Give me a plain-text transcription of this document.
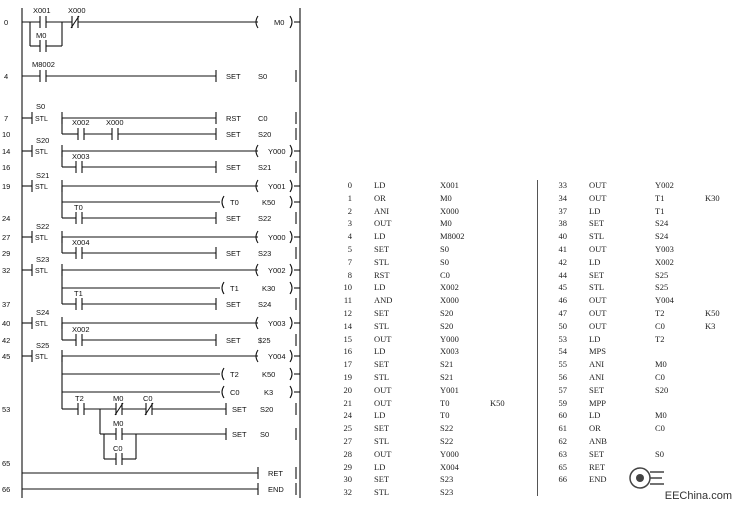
0
4
7
10
14
16
19
24
27
29
32
37
40
42
45
53
65
66
X001 X000
M0
M8002
S0
X002 X000
S20
X003
S21
T0
S22
X004
S23
T1
S24
X002
S25
T2	M0	C0
M0
C0
STL
STL
STL
STL
STL
STL
STL
M0
SET S0
RST C0
SET S20
Y000
SET S21
Y001
T0	K50
SET S22
Y000
SET S23
Y002
T1	K30
SET S24
Y003
SET $25
Y004
T2	K50
C0	K3
SET S20
SET S0
RET
END
0	LD	X001
1	OR	M0
2	ANI	X000
3	OUT	M0
4	LD	M8002
5	SET	S0
7	STL	S0
8	RST	C0
10	LD	X002
11	AND	X000
12	SET	S20
14	STL	S20
15	OUT	Y000
16	LD	X003
17	SET	S21
19	STL	S21
20	OUT	Y001
21	OUT	T0	K50
24	LD	T0
25	SET	S22
27	STL	S22
28	OUT	Y000
29	LD	X004
30	SET	S23
32	STL	S23
33	OUT	Y002
34	OUT	T1	K30
37	LD	T1
38	SET	S24
40	STL	S24
41	OUT	Y003
42	LD	X002
44	SET	S25
45	STL	S25
46	OUT	Y004
47	OUT	T2	K50
50	OUT	C0	K3
53	LD	T2
54	MPS
55	ANI	M0
56	ANI	C0
57	SET	S20
59	MPP
60	LD	M0
61	OR	C0
62	ANB
63	SET	S0
65	RET
66	END
EEChina.com
